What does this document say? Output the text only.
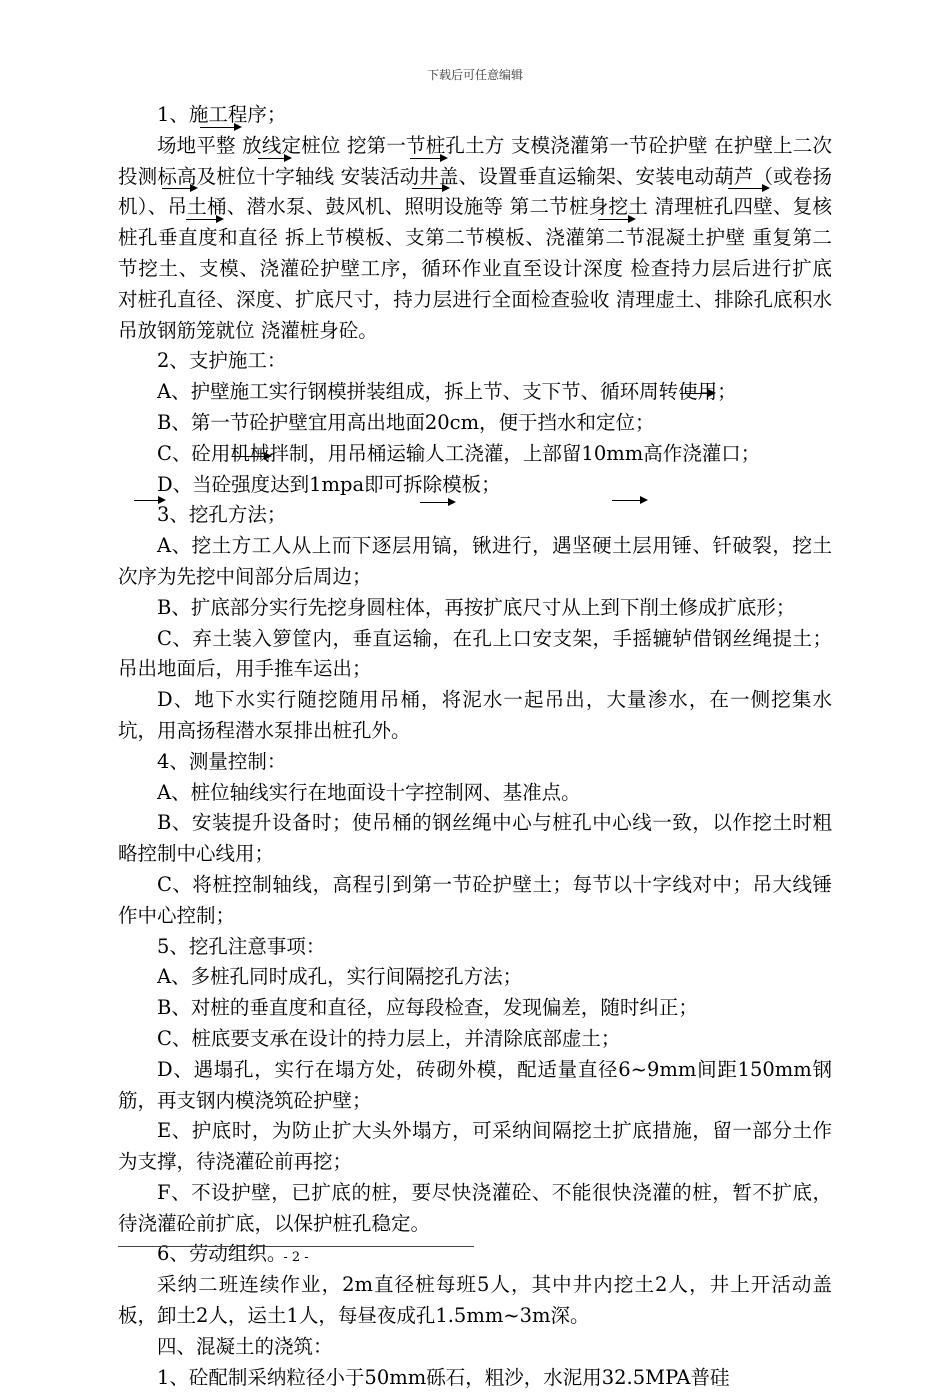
下载后可任意编辑

1、施工程序；

场地平整 放线定桩位 挖第一节桩孔土方 支模浇灌第一节砼护壁 在护壁上二次投测标高及桩位十字轴线 安装活动井盖、设置垂直运输架、安装电动葫芦（或卷扬机）、吊土桶、潜水泵、鼓风机、照明设施等 第二节桩身挖土 清理桩孔四壁、复核桩孔垂直度和直径 拆上节模板、支第二节模板、浇灌第二节混凝土护壁 重复第二节挖土、支模、浇灌砼护壁工序，循环作业直至设计深度 检查持力层后进行扩底 对桩孔直径、深度、扩底尺寸，持力层进行全面检查验收 清理虚土、排除孔底积水 吊放钢筋笼就位 浇灌桩身砼。

2、支护施工：

A、护壁施工实行钢模拼装组成，拆上节、支下节、循环周转使用；

B、第一节砼护壁宜用高出地面20cm，便于挡水和定位；

C、砼用机械拌制，用吊桶运输人工浇灌，上部留10mm高作浇灌口；

D、当砼强度达到1mpa即可拆除模板；

3、挖孔方法；

A、挖土方工人从上而下逐层用镐，锹进行，遇坚硬土层用锤、钎破裂，挖土次序为先挖中间部分后周边；

B、扩底部分实行先挖身圆柱体，再按扩底尺寸从上到下削土修成扩底形；

C、弃土装入箩筐内，垂直运输，在孔上口安支架，手摇辘轳借钢丝绳提土；吊出地面后，用手推车运出；

D、地下水实行随挖随用吊桶，将泥水一起吊出，大量渗水，在一侧挖集水坑，用高扬程潜水泵排出桩孔外。

4、测量控制：

A、桩位轴线实行在地面设十字控制网、基准点。

B、安装提升设备时；使吊桶的钢丝绳中心与桩孔中心线一致，以作挖土时粗略控制中心线用；

C、将桩控制轴线，高程引到第一节砼护壁土；每节以十字线对中；吊大线锤作中心控制；

5、挖孔注意事项：

A、多桩孔同时成孔，实行间隔挖孔方法；

B、对桩的垂直度和直径，应每段检查，发现偏差，随时纠正；

C、桩底要支承在设计的持力层上，并清除底部虚土；

D、遇塌孔，实行在塌方处，砖砌外模，配适量直径6~9mm间距150mm钢筋，再支钢内模浇筑砼护壁；

E、护底时，为防止扩大头外塌方，可采纳间隔挖土扩底措施，留一部分土作为支撑，待浇灌砼前再挖；

F、不设护壁，已扩底的桩，要尽快浇灌砼、不能很快浇灌的桩，暂不扩底，待浇灌砼前扩底，以保护桩孔稳定。

6、劳动组织。

采纳二班连续作业，2m直径桩每班5人，其中井内挖土2人，井上开活动盖板，卸土2人，运土1人，每昼夜成孔1.5mm~3m深。

四、混凝土的浇筑：

1、砼配制采纳粒径小于50mm砾石，粗沙，水泥用32.5MPA普硅

- 2 -
